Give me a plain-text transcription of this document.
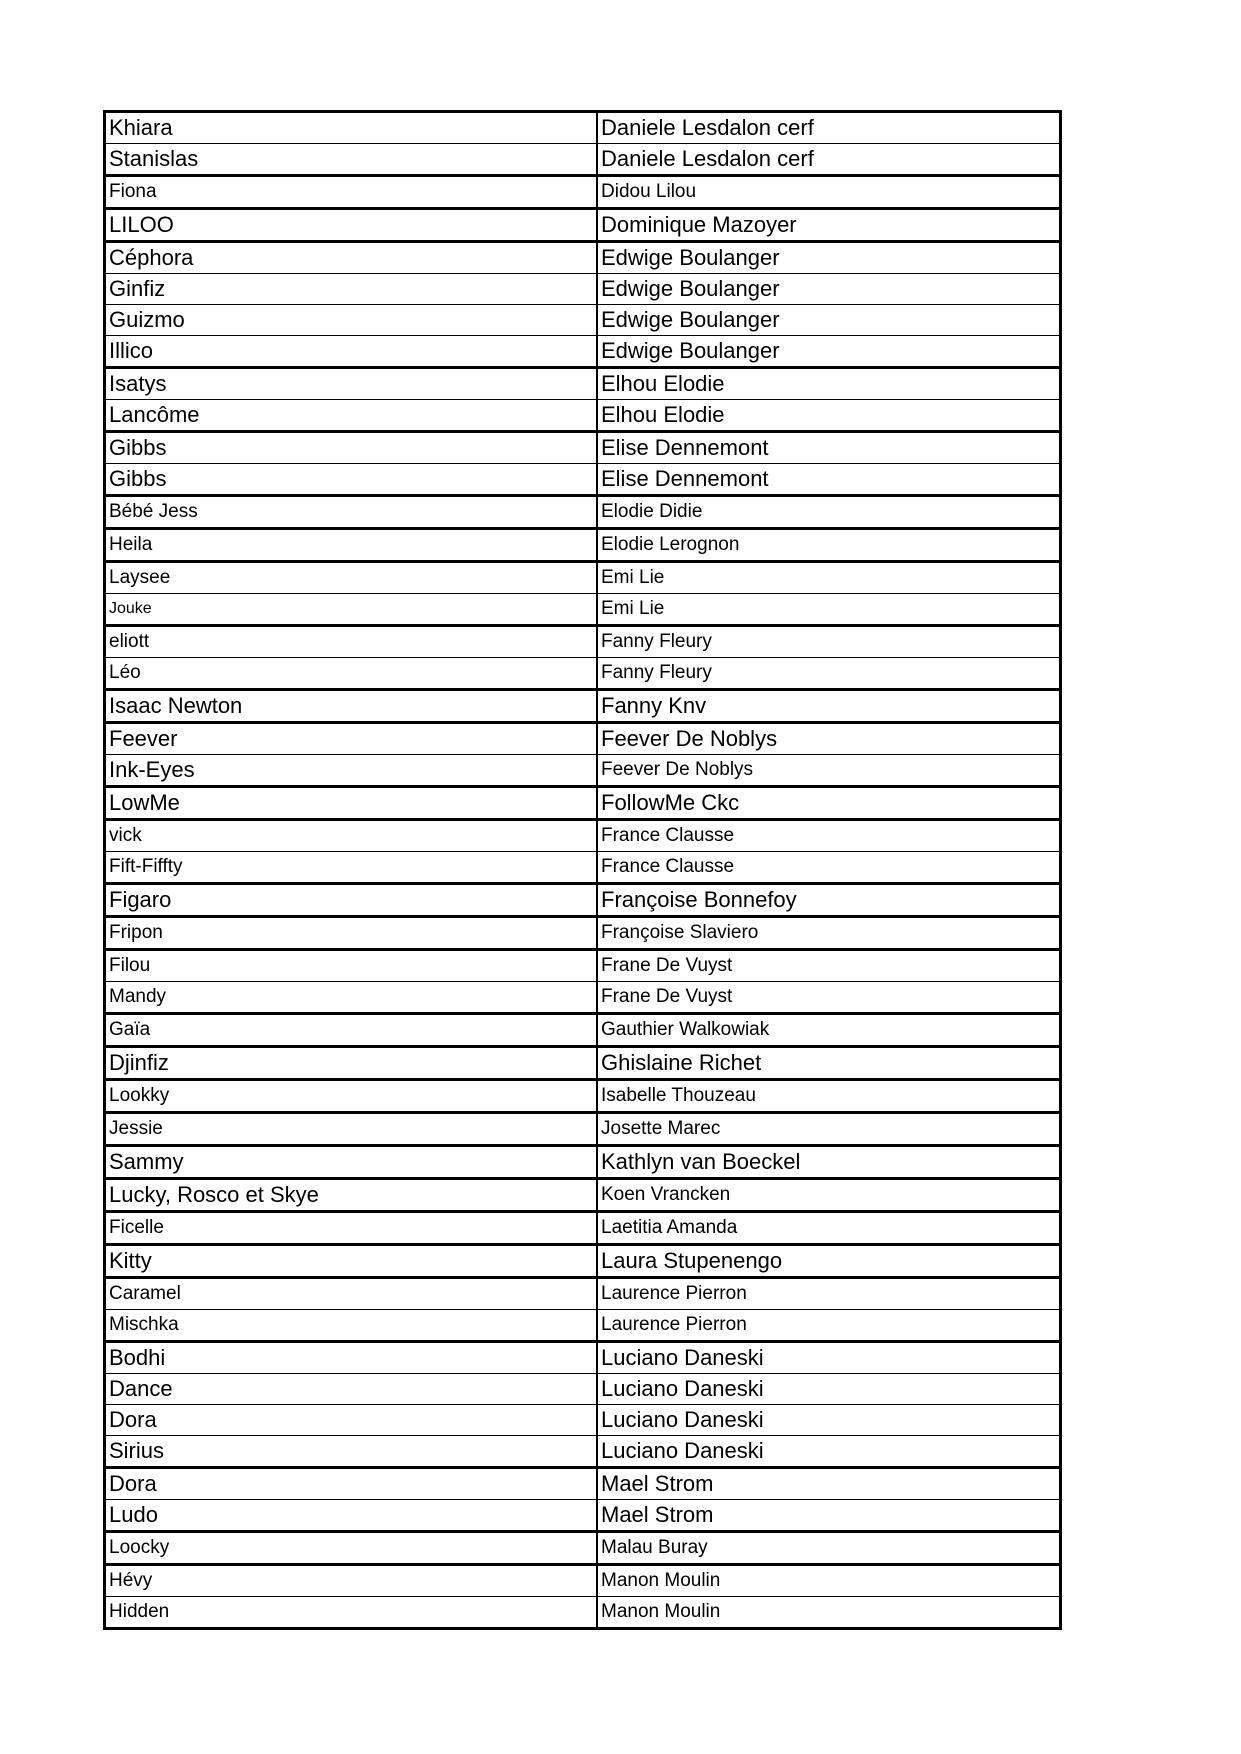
Khiara	Daniele Lesdalon cerf
Stanislas	Daniele Lesdalon cerf
Fiona	Didou Lilou
LILOO	Dominique Mazoyer
Céphora	Edwige Boulanger
Ginfiz	Edwige Boulanger
Guizmo	Edwige Boulanger
Illico	Edwige Boulanger
Isatys	Elhou Elodie
Lancôme	Elhou Elodie
Gibbs	Elise Dennemont
Gibbs	Elise Dennemont
Bébé Jess	Elodie Didie
Heila	Elodie Lerognon
Laysee	Emi Lie
Jouke	Emi Lie
eliott	Fanny Fleury
Léo	Fanny Fleury
Isaac Newton	Fanny Knv
Feever	Feever De Noblys
Ink-Eyes	Feever De Noblys
LowMe	FollowMe Ckc
vick	France Clausse
Fift-Fiffty	France Clausse
Figaro	Françoise Bonnefoy
Fripon	Françoise Slaviero
Filou	Frane De Vuyst
Mandy	Frane De Vuyst
Gaïa	Gauthier Walkowiak
Djinfiz	Ghislaine Richet
Lookky	Isabelle Thouzeau
Jessie	Josette Marec
Sammy	Kathlyn van Boeckel
Lucky, Rosco et Skye	Koen Vrancken
Ficelle	Laetitia Amanda
Kitty	Laura Stupenengo
Caramel	Laurence Pierron
Mischka	Laurence Pierron
Bodhi	Luciano Daneski
Dance	Luciano Daneski
Dora	Luciano Daneski
Sirius	Luciano Daneski
Dora	Mael Strom
Ludo	Mael Strom
Loocky	Malau Buray
Hévy	Manon Moulin
Hidden	Manon Moulin
